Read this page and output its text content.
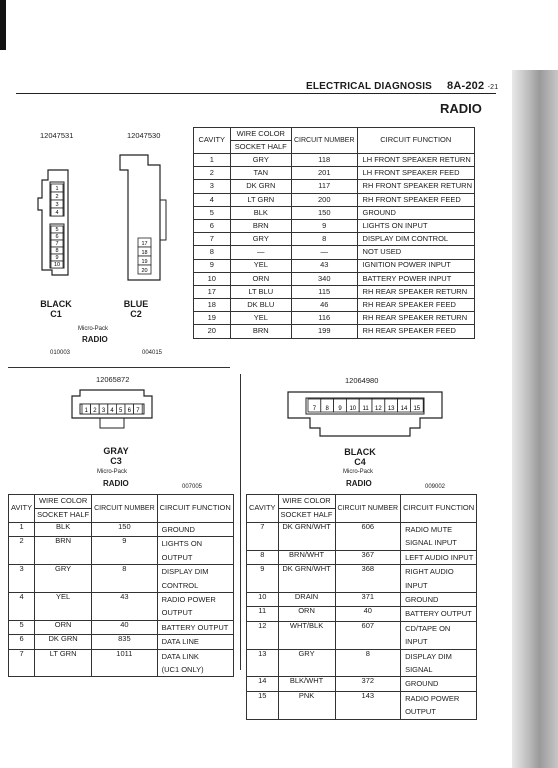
ELECTRICAL DIAGNOSIS 8A-202 -21
RADIO
12047531	12047530
1
2
3
4
5
6
7
8
9
10
17
18
19
20
BLACK
C1
BLUE
C2
Micro-Pack
RADIO
010003	004015
CAVITY	WIRE COLOR	CIRCUIT NUMBER	CIRCUIT FUNCTION
	SOCKET HALF		
1	GRY	118	LH FRONT SPEAKER RETURN
2	TAN	201	LH FRONT SPEAKER FEED
3	DK GRN	117	RH FRONT SPEAKER RETURN
4	LT GRN	200	RH FRONT SPEAKER FEED
5	BLK	150	GROUND
6	BRN	9	LIGHTS ON INPUT
7	GRY	8	DISPLAY DIM CONTROL
8	—	—	NOT USED
9	YEL	43	IGNITION POWER INPUT
10	ORN	340	BATTERY POWER INPUT
17	LT BLU	115	RH REAR SPEAKER RETURN
18	DK BLU	46	RH REAR SPEAKER FEED
19	YEL	116	RH REAR SPEAKER RETURN
20	BRN	199	RH REAR SPEAKER FEED
12065872
1 2 3 4 5 6 7
GRAY
C3
Micro-Pack
RADIO	007005
12064980
7 8 9 10 11 12 13 14 15
BLACK
C4
Micro-Pack
RADIO	009002
AVITY	WIRE COLOR	CIRCUIT NUMBER	CIRCUIT FUNCTION
	SOCKET HALF		
1	BLK	150	GROUND

2	BRN	9	LIGHTS ON
OUTPUT

3	GRY	8	DISPLAY DIM
CONTROL

4	YEL	43	RADIO POWER
OUTPUT

5	ORN	40	BATTERY OUTPUT

6	DK GRN	835	DATA LINE

7	LT GRN	1011	DATA LINK
(UC1 ONLY)
CAVITY	WIRE COLOR	CIRCUIT NUMBER	CIRCUIT FUNCTION
	SOCKET HALF		
7	DK GRN/WHT	606	RADIO MUTE
SIGNAL INPUT

8	BRN/WHT	367	LEFT AUDIO INPUT

9	DK GRN/WHT	368	RIGHT AUDIO
INPUT

10	DRAIN	371	GROUND

11	ORN	40	BATTERY OUTPUT

12	WHT/BLK	607	CD/TAPE ON
INPUT

13	GRY	8	DISPLAY DIM
SIGNAL

14	BLK/WHT	372	GROUND

15	PNK	143	RADIO POWER
OUTPUT
